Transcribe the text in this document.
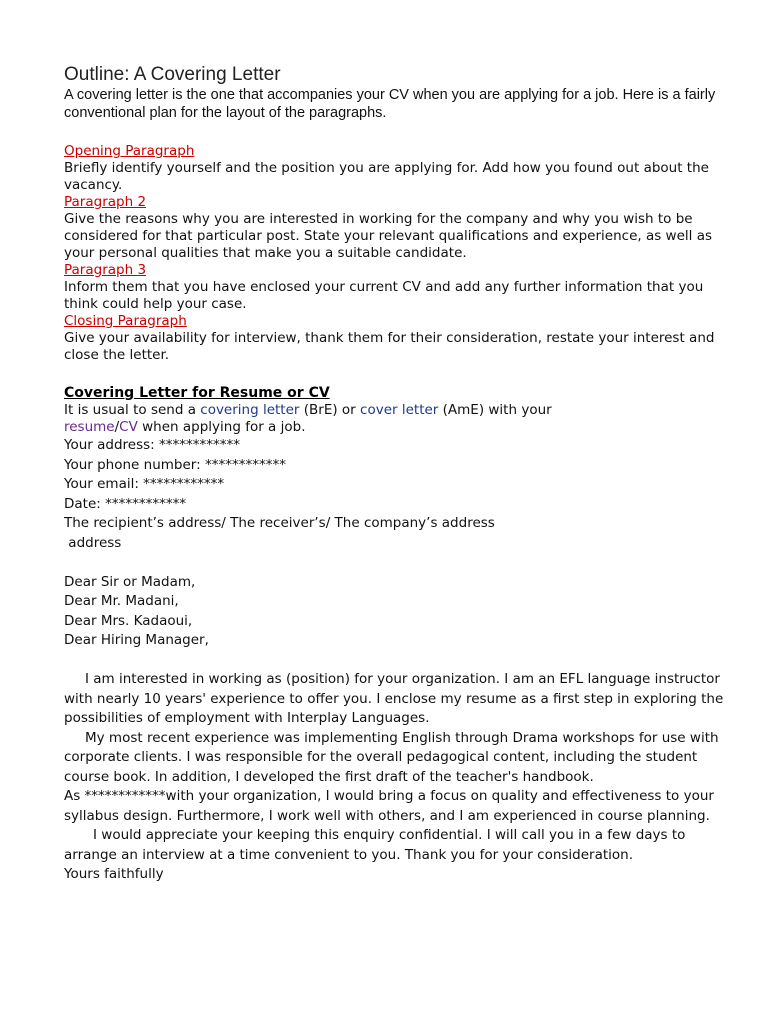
Outline: A Covering Letter

A covering letter is the one that accompanies your CV when you are applying for a job. Here is a fairly conventional plan for the layout of the paragraphs.

Opening Paragraph

Briefly identify yourself and the position you are applying for. Add how you found out about the vacancy.

Paragraph 2

Give the reasons why you are interested in working for the company and why you wish to be considered for that particular post. State your relevant qualifications and experience, as well as your personal qualities that make you a suitable candidate.

Paragraph 3

Inform them that you have enclosed your current CV and add any further information that you think could help your case.

Closing Paragraph

Give your availability for interview, thank them for their consideration, restate your interest and close the letter.

Covering Letter for Resume or CV

It is usual to send a covering letter (BrE) or cover letter (AmE) with your
resume/CV when applying for a job.

Your address: ************

Your phone number: ************

Your email: ************

Date: ************

The recipient’s address/ The receiver’s/ The company’s address

address

Dear Sir or Madam,

Dear Mr. Madani,

Dear Mrs. Kadaoui,

Dear Hiring Manager,

I am interested in working as (position) for your organization. I am an EFL language instructor with nearly 10 years' experience to offer you. I enclose my resume as a first step in exploring the possibilities of employment with Interplay Languages.

My most recent experience was implementing English through Drama workshops for use with corporate clients. I was responsible for the overall pedagogical content, including the student course book. In addition, I developed the first draft of the teacher's handbook.

As ************with your organization, I would bring a focus on quality and effectiveness to your syllabus design. Furthermore, I work well with others, and I am experienced in course planning.

I would appreciate your keeping this enquiry confidential. I will call you in a few days to arrange an interview at a time convenient to you. Thank you for your consideration.

Yours faithfully
